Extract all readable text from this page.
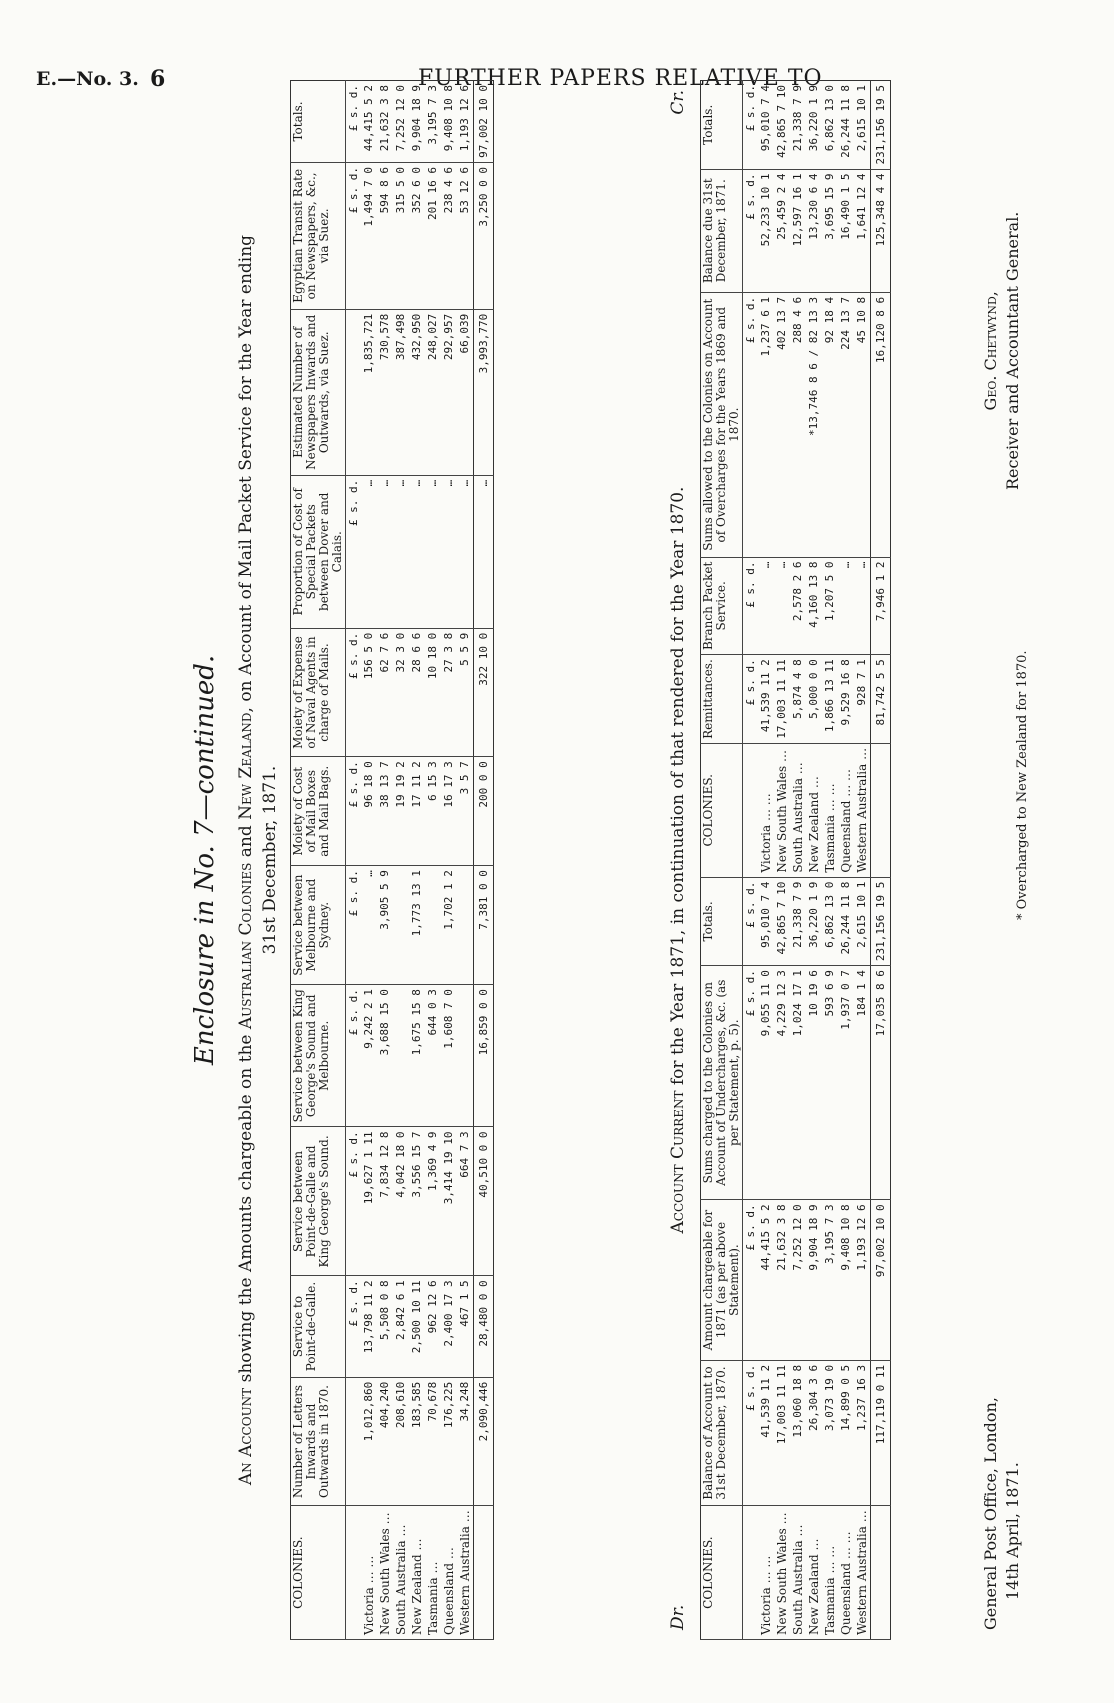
E.—No. 3. 6	FURTHER PAPERS RELATIVE TO
Enclosure in No. 7—continued.
An Account showing the Amounts chargeable on the Australian Colonies and New Zealand, on Account of Mail Packet Service for the Year ending
31st December, 1871.
COLONIES.	Number of Letters Inwards and Outwards in 1870.	Service to Point-de-Galle.	Service between Point-de-Galle and King George's Sound.	Service between King George's Sound and Melbourne.	Service between Melbourne and Sydney.	Moiety of Cost of Mail Boxes and Mail Bags.	Moiety of Expense of Naval Agents in charge of Mails.	Proportion of Cost of Special Packets between Dover and Calais.	Estimated Number of Newspapers Inwards and Outwards, via Suez.	Egyptian Transit Rate on Newspapers, &c., via Suez.	Totals.
		£ s. d.	£ s. d.	£ s. d.	£ s. d.	£ s. d.	£ s. d.	£ s. d.		£ s. d.	£ s. d.
Victoria … …	1,012,860	13,798 11 2	19,627 1 11	9,242 2 1	…	96 18 0	156 5 0	…	1,835,721	1,494 7 0	44,415 5 2
New South Wales …	404,240	5,508 0 8	7,834 12 8	3,688 15 0	3,905 5 9	38 13 7	62 7 6	…	730,578	594 8 6	21,632 3 8
South Australia …	208,610	2,842 6 1	4,042 18 0			19 19 2	32 3 0	…	387,498	315 5 0	7,252 12 0
New Zealand …	183,585	2,500 10 11	3,556 15 7	1,675 15 8	1,773 13 1	17 11 2	28 6 6	…	432,950	352 6 0	9,904 18 9
Tasmania …	70,678	962 12 6	1,369 4 9	644 0 3		6 15 3	10 18 0	…	248,027	201 16 6	3,195 7 3
Queensland …	176,225	2,400 17 3	3,414 19 10	1,608 7 0	1,702 1 2	16 17 3	27 3 8	…	292,957	238 4 6	9,408 10 8
Western Australia …	34,248	467 1 5	664 7 3			3 5 7	5 5 9	…	66,039	53 12 6	1,193 12 6
	2,090,446	28,480 0 0	40,510 0 0	16,859 0 0	7,381 0 0	200 0 0	322 10 0	…	3,993,770	3,250 0 0	97,002 10 0
Dr.
Account Current for the Year 1871, in continuation of that rendered for the Year 1870.
Cr.
COLONIES.	Balance of Account to 31st December, 1870.	Amount chargeable for 1871 (as per above Statement).	Sums charged to the Colonies on Account of Undercharges, &c. (as per Statement, p. 5).	Totals.	COLONIES.	Remittances.	Branch Packet Service.	Sums allowed to the Colonies on Account of Overcharges for the Years 1869 and 1870.	Balance due 31st December, 1871.	Totals.
	£ s. d.	£ s. d.	£ s. d.	£ s. d.		£ s. d.	£ s. d.	£ s. d.	£ s. d.	£ s. d.
Victoria … …	41,539 11 2	44,415 5 2	9,055 11 0	95,010 7 4	Victoria … …	41,539 11 2	…	1,237 6 1	52,233 10 1	95,010 7 4
New South Wales …	17,003 11 11	21,632 3 8	4,229 12 3	42,865 7 10	New South Wales …	17,003 11 11	…	402 13 7	25,459 2 4	42,865 7 10
South Australia …	13,060 18 8	7,252 12 0	1,024 17 1	21,338 7 9	South Australia …	5,874 4 8	2,578 2 6	288 4 6	12,597 16 1	21,338 7 9
New Zealand …	26,304 3 6	9,904 18 9	10 19 6	36,220 1 9	New Zealand …	5,000 0 0	4,160 13 8	*13,746 8 6 / 82 13 3	13,230 6 4	36,220 1 9
Tasmania … …	3,073 19 0	3,195 7 3	593 6 9	6,862 13 0	Tasmania … …	1,866 13 11	1,207 5 0	92 18 4	3,695 15 9	6,862 13 0
Queensland … …	14,899 0 5	9,408 10 8	1,937 0 7	26,244 11 8	Queensland … …	9,529 16 8	…	224 13 7	16,490 1 5	26,244 11 8
Western Australia …	1,237 16 3	1,193 12 6	184 1 4	2,615 10 1	Western Australia …	928 7 1	…	45 10 8	1,641 12 4	2,615 10 1
	117,119 0 11	97,002 10 0	17,035 8 6	231,156 19 5		81,742 5 5	7,946 1 2	16,120 8 6	125,348 4 4	231,156 19 5
General Post Office, London, 14th April, 1871.
* Overcharged to New Zealand for 1870.
Geo. Chetwynd, Receiver and Accountant General.
